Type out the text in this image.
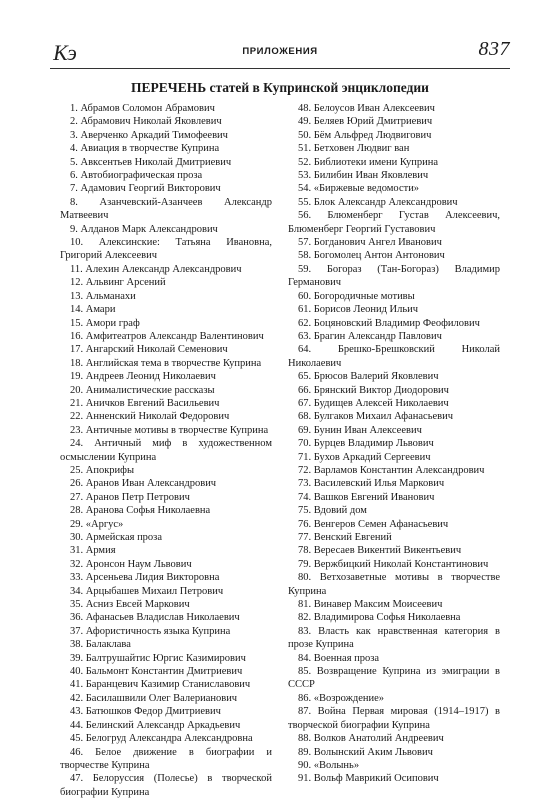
Кэ	ПРИЛОЖЕНИЯ	837
ПЕРЕЧЕНЬ статей в Купринской энциклопедии
1. Абрамов Соломон Абрамович
2. Абрамович Николай Яковлевич
3. Аверченко Аркадий Тимофеевич
4. Авиация в творчестве Куприна
5. Авксентьев Николай Дмитриевич
6. Автобиографическая проза
7. Адамович Георгий Викторович
8. Азанчевский-Азанчеев Александр Матвеевич
9. Алданов Марк Александрович
10. Алексинские: Татьяна Ивановна, Григорий Алексеевич
11. Алехин Александр Александрович
12. Альвинг Арсений
13. Альманахи
14. Амари
15. Амори граф
16. Амфитеатров Александр Валентинович
17. Ангарский Николай Семенович
18. Английская тема в творчестве Куприна
19. Андреев Леонид Николаевич
20. Анималистические рассказы
21. Аничков Евгений Васильевич
22. Анненский Николай Федорович
23. Античные мотивы в творчестве Куприна
24. Античный миф в художественном осмыслении Куприна
25. Апокрифы
26. Аранов Иван Александрович
27. Аранов Петр Петрович
28. Аранова Софья Николаевна
29. «Аргус»
30. Армейская проза
31. Армия
32. Аронсон Наум Львович
33. Арсеньева Лидия Викторовна
34. Арцыбашев Михаил Петрович
35. Асниз Евсей Маркович
36. Афанасьев Владислав Николаевич
37. Афористичность языка Куприна
38. Балаклава
39. Балтрушайтис Юргис Казимирович
40. Бальмонт Константин Дмитриевич
41. Баранцевич Казимир Станиславович
42. Басилашвили Олег Валерианович
43. Батюшков Федор Дмитриевич
44. Белинский Александр Аркадьевич
45. Белогруд Александра Александровна
46. Белое движение в биографии и творчестве Куприна
47. Белоруссия (Полесье) в творческой биографии Куприна
48. Белоусов Иван Алексеевич
49. Беляев Юрий Дмитриевич
50. Бём Альфред Людвигович
51. Бетховен Людвиг ван
52. Библиотеки имени Куприна
53. Билибин Иван Яковлевич
54. «Биржевые ведомости»
55. Блок Александр Александрович
56. Блюменберг Густав Алексеевич, Блюменберг Георгий Густавович
57. Богданович Ангел Иванович
58. Богомолец Антон Антонович
59. Богораз (Тан-Богораз) Владимир Германович
60. Богородичные мотивы
61. Борисов Леонид Ильич
62. Боцяновский Владимир Феофилович
63. Брагин Александр Павлович
64. Брешко-Брешковский Николай Николаевич
65. Брюсов Валерий Яковлевич
66. Брянский Виктор Диодорович
67. Будищев Алексей Николаевич
68. Булгаков Михаил Афанасьевич
69. Бунин Иван Алексеевич
70. Бурцев Владимир Львович
71. Бухов Аркадий Сергеевич
72. Варламов Константин Александрович
73. Василевский Илья Маркович
74. Вашков Евгений Иванович
75. Вдовий дом
76. Венгеров Семен Афанасьевич
77. Венский Евгений
78. Вересаев Викентий Викентьевич
79. Вержбицкий Николай Константинович
80. Ветхозаветные мотивы в творчестве Куприна
81. Винавер Максим Моисеевич
82. Владимирова Софья Николаевна
83. Власть как нравственная категория в прозе Куприна
84. Военная проза
85. Возвращение Куприна из эмиграции в СССР
86. «Возрождение»
87. Война Первая мировая (1914–1917) в творческой биографии Куприна
88. Волков Анатолий Андреевич
89. Волынский Аким Львович
90. «Волынь»
91. Вольф Маврикий Осипович
